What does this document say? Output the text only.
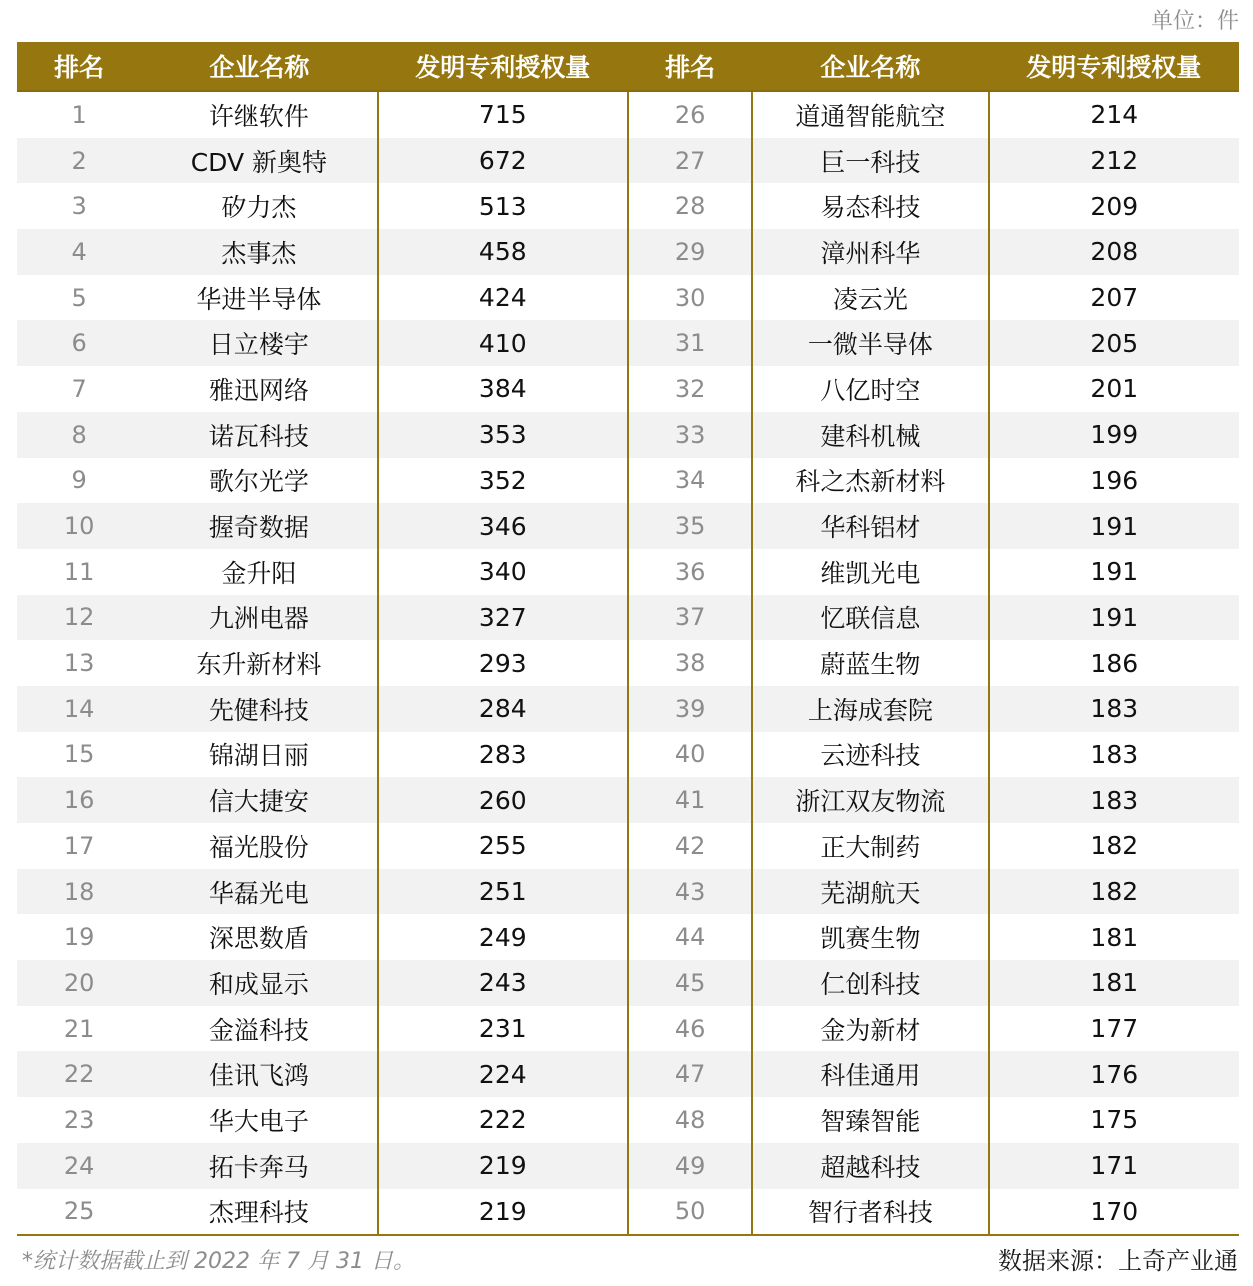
单位：件
排名	企业名称	发明专利授权量	排名	企业名称	发明专利授权量
1	许继软件	715	26	道通智能航空	214
2	CDV 新奥特	672	27	巨一科技	212
3	矽力杰	513	28	易态科技	209
4	杰事杰	458	29	漳州科华	208
5	华进半导体	424	30	凌云光	207
6	日立楼宇	410	31	一微半导体	205
7	雅迅网络	384	32	八亿时空	201
8	诺瓦科技	353	33	建科机械	199
9	歌尔光学	352	34	科之杰新材料	196
10	握奇数据	346	35	华科铝材	191
11	金升阳	340	36	维凯光电	191
12	九洲电器	327	37	忆联信息	191
13	东升新材料	293	38	蔚蓝生物	186
14	先健科技	284	39	上海成套院	183
15	锦湖日丽	283	40	云迹科技	183
16	信大捷安	260	41	浙江双友物流	183
17	福光股份	255	42	正大制药	182
18	华磊光电	251	43	芜湖航天	182
19	深思数盾	249	44	凯赛生物	181
20	和成显示	243	45	仁创科技	181
21	金溢科技	231	46	金为新材	177
22	佳讯飞鸿	224	47	科佳通用	176
23	华大电子	222	48	智臻智能	175
24	拓卡奔马	219	49	超越科技	171
25	杰理科技	219	50	智行者科技	170
*统计数据截止到 2022 年 7 月 31 日。	数据来源：上奇产业通
